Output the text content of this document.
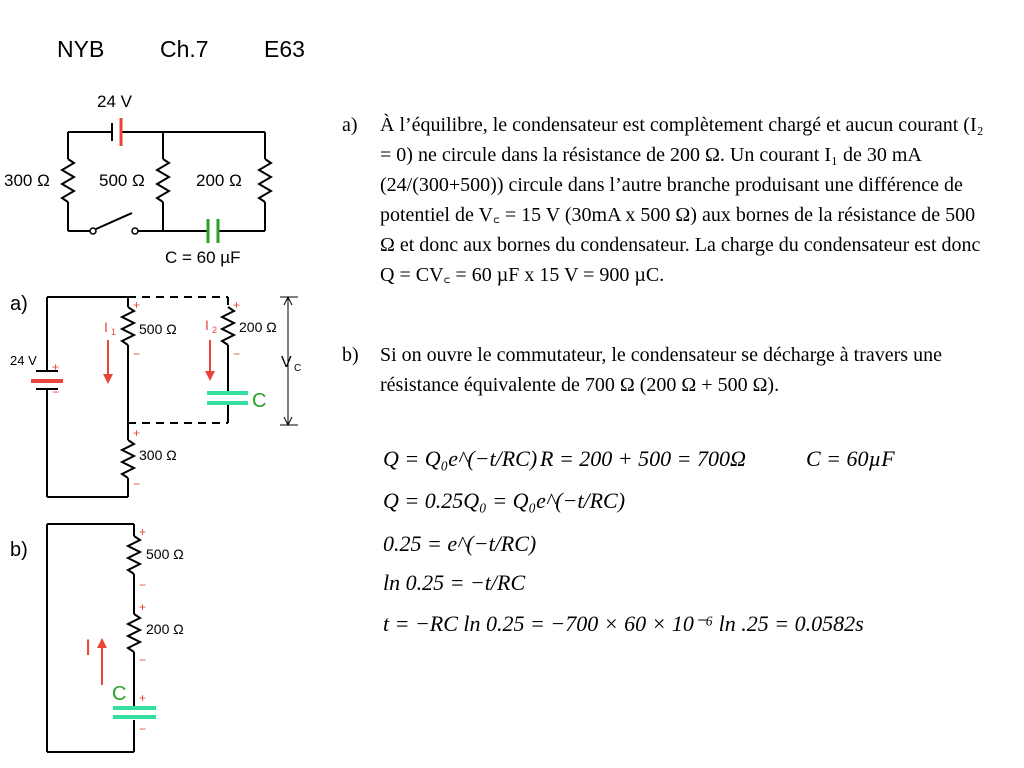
NYB Ch.7 E63
24 V
300 Ω	500 Ω	200 Ω
C = 60 µF
a)
24 V +
−	C
500 Ω	200 Ω
300 Ω
+
−
+
−
+
−
I 1	I 2
V C
b)
C
500 Ω
200 Ω
+
−
+
−
+
−
I
a) À l’équilibre, le condensateur est complètement chargé et aucun courant (I₂ = 0) ne circule dans la résistance de 200 Ω. Un courant I₁ de 30 mA (24/(300+500)) circule dans l’autre branche produisant une différence de potentiel de V꜀ = 15 V (30mA x 500 Ω) aux bornes de la résistance de 500 Ω et donc aux bornes du condensateur. La charge du condensateur est donc Q = CV꜀ = 60 µF x 15 V = 900 µC.
b) Si on ouvre le commutateur, le condensateur se décharge à travers une résistance équivalente de 700 Ω (200 Ω + 500 Ω).
Q = Q₀e^(−t/RC) R = 200 + 500 = 700Ω	C = 60µF
Q = 0.25Q₀ = Q₀e^(−t/RC)
0.25 = e^(−t/RC)
ln 0.25 = −t/RC
t = −RC ln 0.25 = −700 × 60 × 10⁻⁶ ln .25 = 0.0582s
